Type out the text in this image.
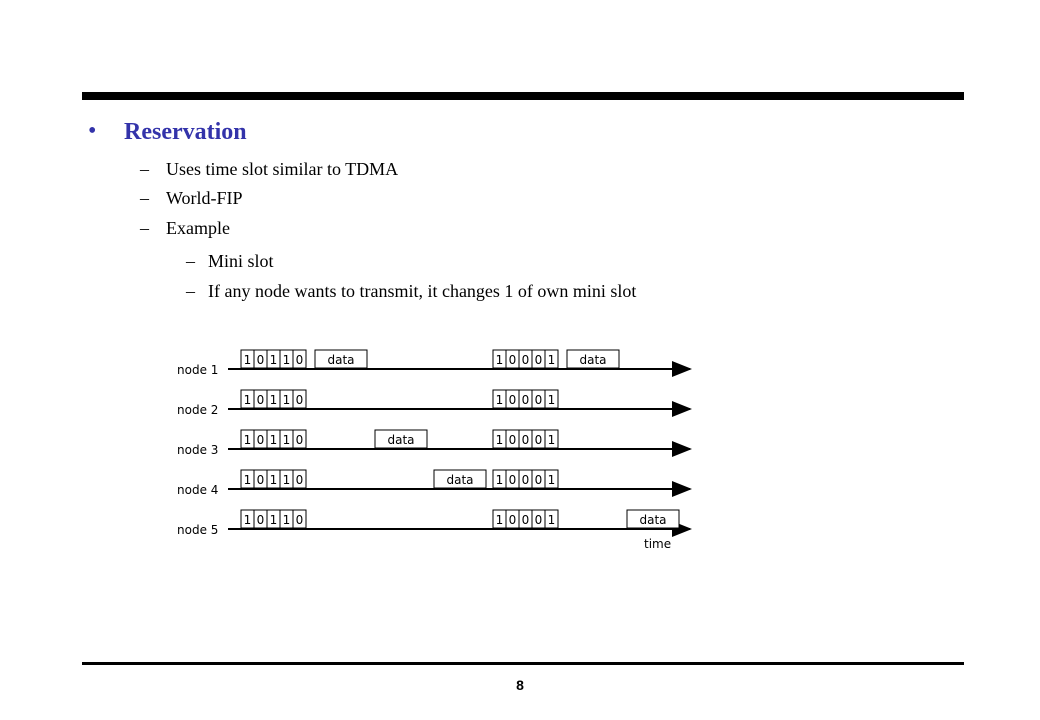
• Reservation
– Uses time slot similar to TDMA
– World-FIP
– Example
– Mini slot
– If any node wants to transmit, it changes 1 of own mini slot
node 1
node 2
node 3
node 4
node 5
1 0 1 1 0
1 0 1 1 0
1 0 1 1 0
1 0 1 1 0
1 0 1 1 0
1 0 0 0 1
1 0 0 0 1
1 0 0 0 1
1 0 0 0 1
1 0 0 0 1
data	data
data
data
data
time
8
